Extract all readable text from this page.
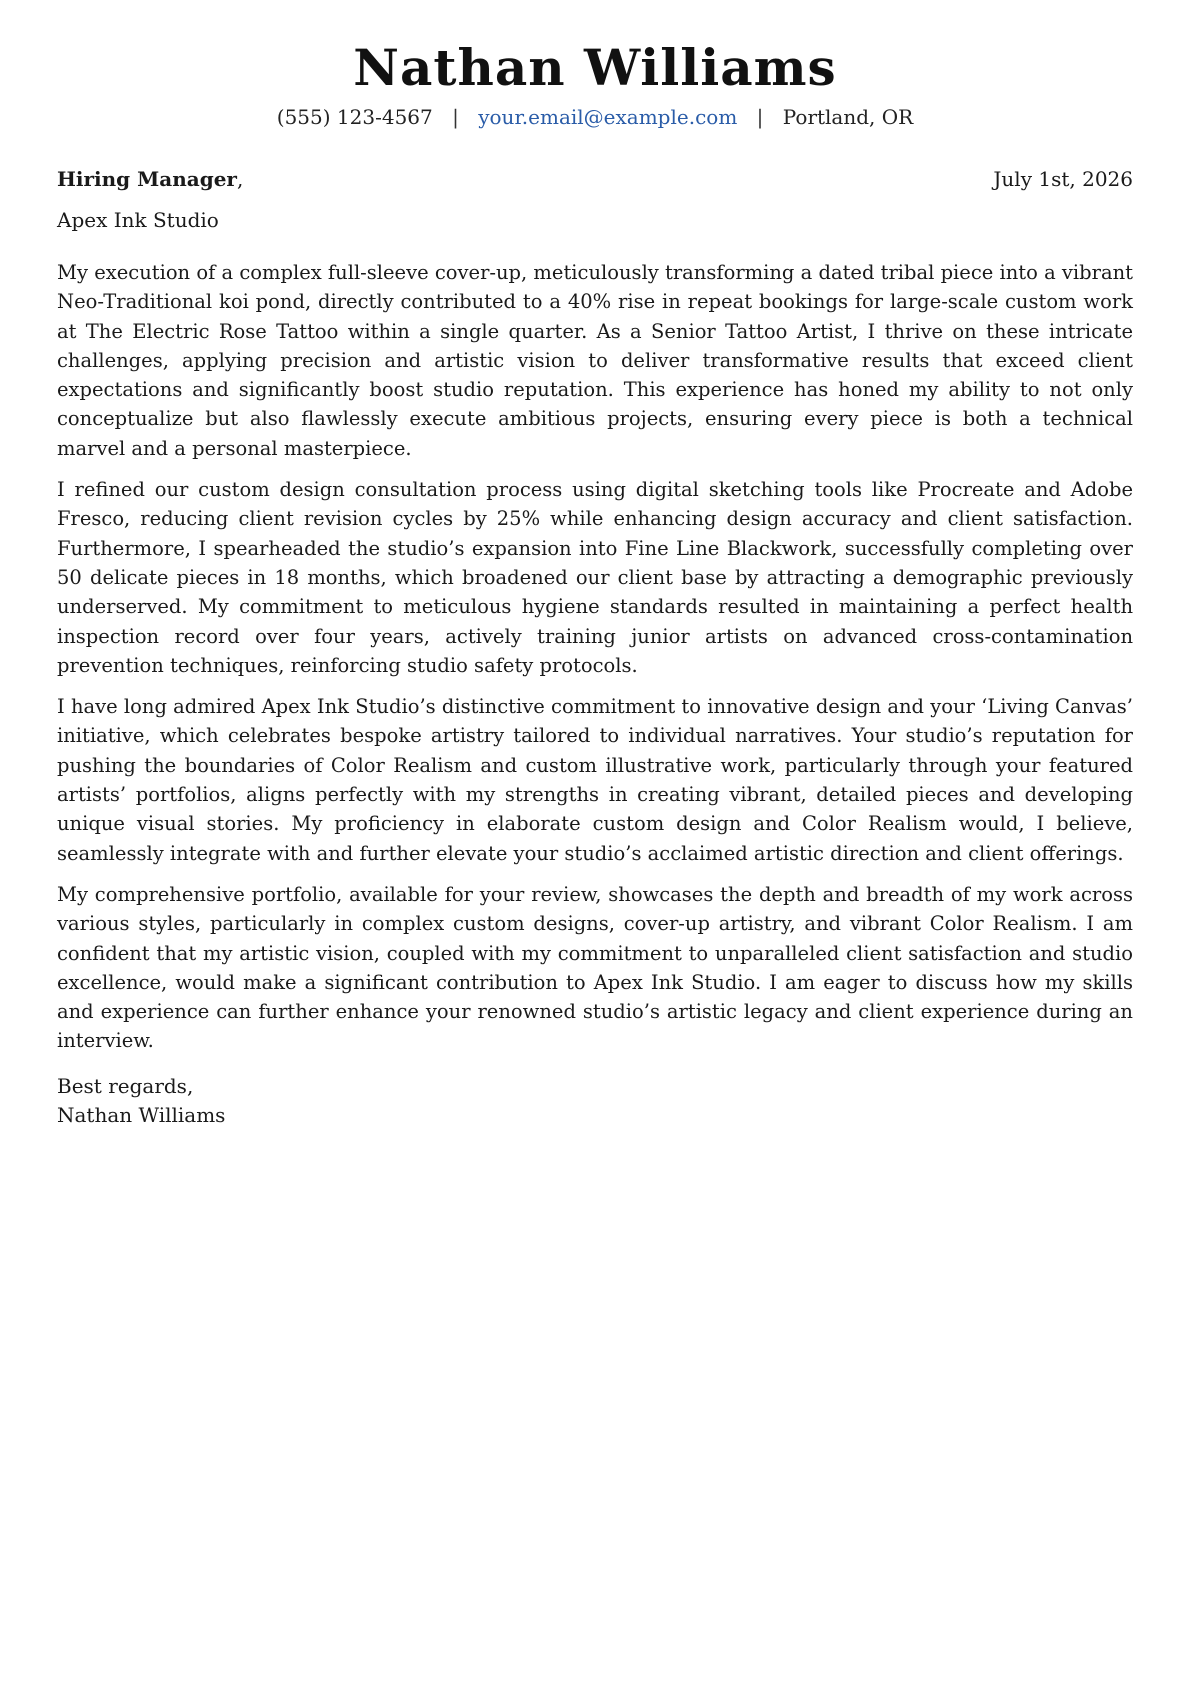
Nathan Williams
(555) 123-4567 | your.email@example.com | Portland, OR
Hiring Manager,	July 1st, 2026
Apex Ink Studio

My execution of a complex full-sleeve cover-up, meticulously transforming a dated tribal piece into a vibrant Neo-Traditional koi pond, directly contributed to a 40% rise in repeat bookings for large-scale custom work at The Electric Rose Tattoo within a single quarter. As a Senior Tattoo Artist, I thrive on these intricate challenges, applying precision and artistic vision to deliver transformative results that exceed client expectations and significantly boost studio reputation. This experience has honed my ability to not only conceptualize but also flawlessly execute ambitious projects, ensuring every piece is both a technical marvel and a personal masterpiece.

I refined our custom design consultation process using digital sketching tools like Procreate and Adobe Fresco, reducing client revision cycles by 25% while enhancing design accuracy and client satisfaction. Furthermore, I spearheaded the studio’s expansion into Fine Line Blackwork, successfully completing over 50 delicate pieces in 18 months, which broadened our client base by attracting a demographic previously underserved. My commitment to meticulous hygiene standards resulted in maintaining a perfect health inspection record over four years, actively training junior artists on advanced cross-contamination prevention techniques, reinforcing studio safety protocols.

I have long admired Apex Ink Studio’s distinctive commitment to innovative design and your ‘Living Canvas’ initiative, which celebrates bespoke artistry tailored to individual narratives. Your studio’s reputation for pushing the boundaries of Color Realism and custom illustrative work, particularly through your featured artists’ portfolios, aligns perfectly with my strengths in creating vibrant, detailed pieces and developing unique visual stories. My proficiency in elaborate custom design and Color Realism would, I believe, seamlessly integrate with and further elevate your studio’s acclaimed artistic direction and client offerings.

My comprehensive portfolio, available for your review, showcases the depth and breadth of my work across various styles, particularly in complex custom designs, cover-up artistry, and vibrant Color Realism. I am confident that my artistic vision, coupled with my commitment to unparalleled client satisfaction and studio excellence, would make a significant contribution to Apex Ink Studio. I am eager to discuss how my skills and experience can further enhance your renowned studio’s artistic legacy and client experience during an interview.

Best regards,
Nathan Williams
